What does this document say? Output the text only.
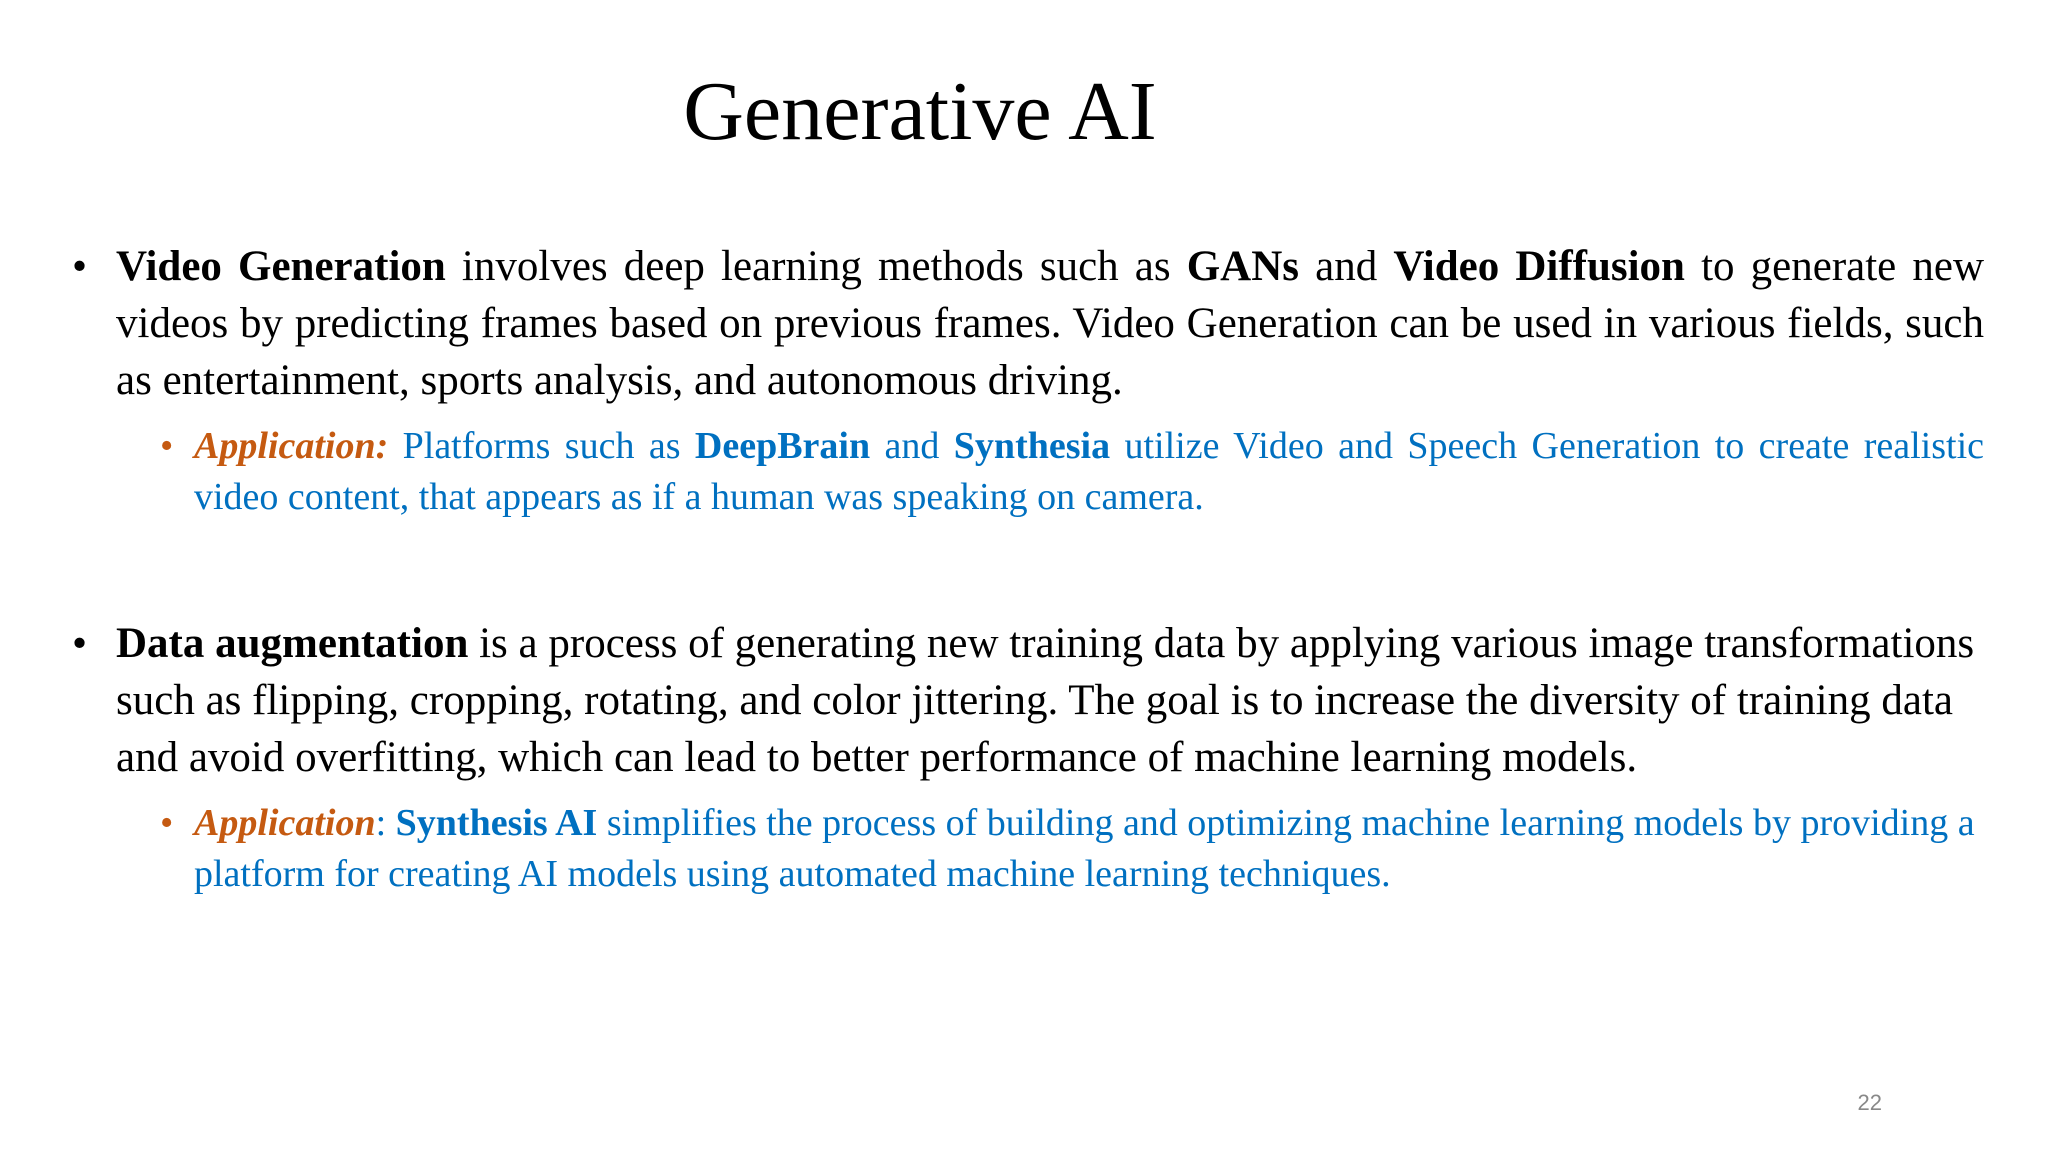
Generative AI
• Video Generation involves deep learning methods such as GANs and Video Diffusion to generate new videos by predicting frames based on previous frames. Video Generation can be used in various fields, such as entertainment, sports analysis, and autonomous driving.
• Application: Platforms such as DeepBrain and Synthesia utilize Video and Speech Generation to create realistic video content, that appears as if a human was speaking on camera.
• Data augmentation is a process of generating new training data by applying various image transformations such as flipping, cropping, rotating, and color jittering. The goal is to increase the diversity of training data and avoid overfitting, which can lead to better performance of machine learning models.
• Application: Synthesis AI simplifies the process of building and optimizing machine learning models by providing a platform for creating AI models using automated machine learning techniques.
22
